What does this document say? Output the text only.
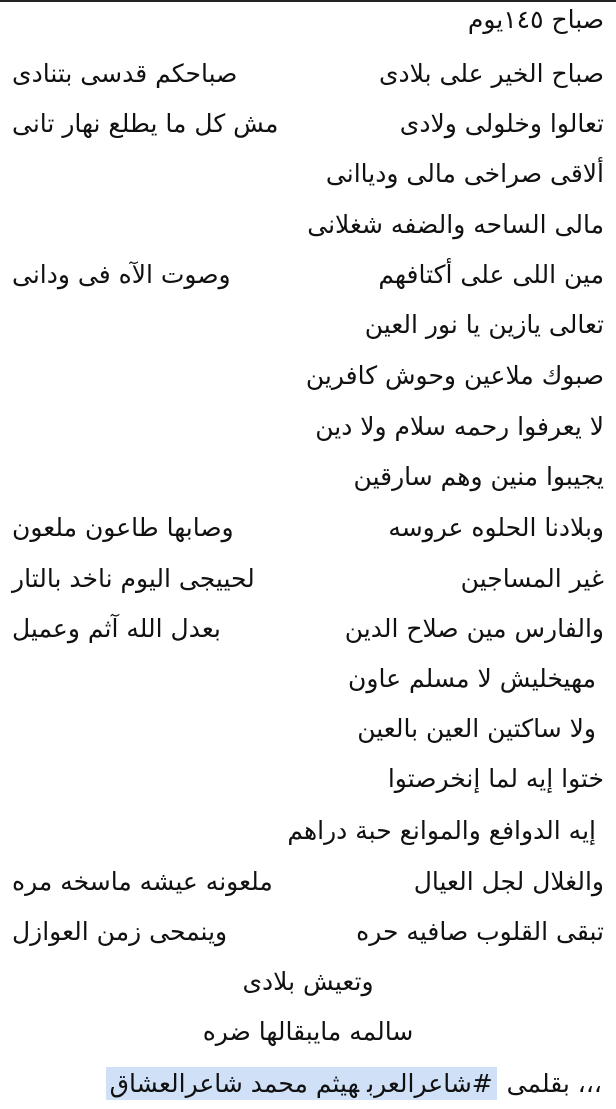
صباح ١٤٥يوم
صباح الخير على بلادى
صباحكم قدسى بتنادى
تعالوا وخلولى ولادى
مش كل ما يطلع نهار تانى
ألاقى صراخى مالى ودياانى
مالى الساحه والضفه شغلانى
مين اللى على أكتافهم
وصوت الآه فى ودانى
تعالى يازين يا نور العين
صبوك ملاعين وحوش كافرين
لا يعرفوا رحمه سلام ولا دين
يجيبوا منين وهم سارقين
وبلادنا الحلوه عروسه
وصابها طاعون ملعون
غير المساجين
لحييجى اليوم ناخد بالتار
والفارس مين صلاح الدين
بعدل الله آثم وعميل
مهيخليش لا مسلم عاون
ولا ساكتين العين بالعين
ختوا إيه لما إنخرصتوا
إيه الدوافع والموانع حبة دراهم
والغلال لجل العيال
ملعونه عيشه ماسخه مره
تبقى القلوب صافيه حره
وينمحى زمن العوازل
وتعيش بلادى
سالمه مايبقالها ضره
،،، بقلمى #شاعرالعربهيثم محمد شاعرالعشاق
